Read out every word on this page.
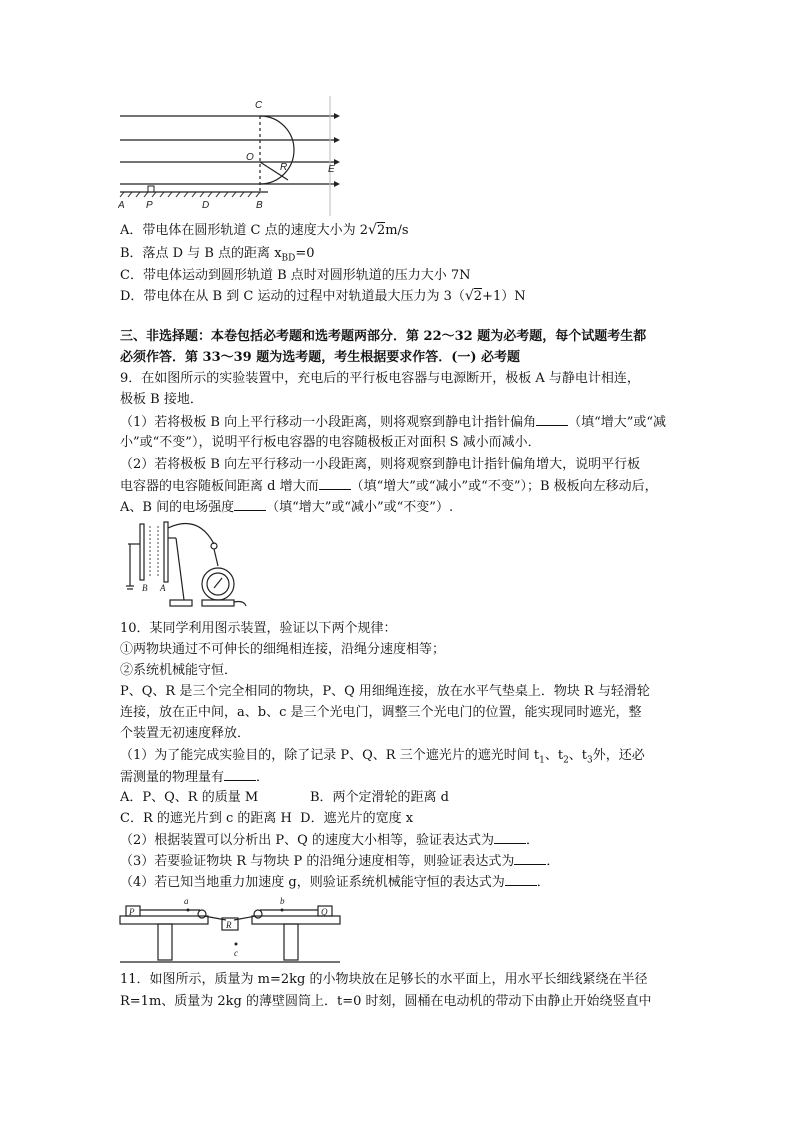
C
O
R	E
A P	D	B
A．带电体在圆形轨道 C 点的速度大小为 2√2m/s
B．落点 D 与 B 点的距离 $x_{BD}=0$
C．带电体运动到圆形轨道 B 点时对圆形轨道的压力大小 7N
D．带电体在从 B 到 C 运动的过程中对轨道最大压力为 3（√2+1）N
三、非选择题：本卷包括必考题和选考题两部分．第 22～32 题为必考题，每个试题考生都
必须作答．第 33～39 题为选考题，考生根据要求作答．(一) 必考题
9．在如图所示的实验装置中，充电后的平行板电容器与电源断开，极板 A 与静电计相连，
极板 B 接地．
（1）若将极板 B 向上平行移动一小段距离，则将观察到静电计指针偏角 （填“增大”或“减
小”或“不变”），说明平行板电容器的电容随极板正对面积 S 减小而减小．
（2）若将极板 B 向左平行移动一小段距离，则将观察到静电计指针偏角增大，说明平行板
电容器的电容随板间距离 d 增大而 （填“增大”或“减小”或“不变”）；B 极板向左移动后，
A、B 间的电场强度 （填“增大”或“减小”或“不变”）.
B A
10．某同学利用图示装置，验证以下两个规律：
①两物块通过不可伸长的细绳相连接，沿绳分速度相等；
②系统机械能守恒．
P、Q、R 是三个完全相同的物块，P、Q 用细绳连接，放在水平气垫桌上．物块 R 与轻滑轮
连接，放在正中间，a、b、c 是三个光电门，调整三个光电门的位置，能实现同时遮光，整
个装置无初速度释放．
（1）为了能完成实验目的，除了记录 P、Q、R 三个遮光片的遮光时间 $t_1$、$t_2$、$t_3$外，还必
需测量的物理量有 ．
A．P、Q、R 的质量 M	B．两个定滑轮的距离 d
C．R 的遮光片到 c 的距离 H D．遮光片的宽度 x
（2）根据装置可以分析出 P、Q 的速度大小相等，验证表达式为 ．
（3）若要验证物块 R 与物块 P 的沿绳分速度相等，则验证表达式为 ．
（4）若已知当地重力加速度 g，则验证系统机械能守恒的表达式为 ．
a	b
c
P	Q
R
11．如图所示，质量为 m=2kg 的小物块放在足够长的水平面上，用水平长细线紧绕在半径
R=1m、质量为 2kg 的薄壁圆筒上．t=0 时刻，圆桶在电动机的带动下由静止开始绕竖直中
